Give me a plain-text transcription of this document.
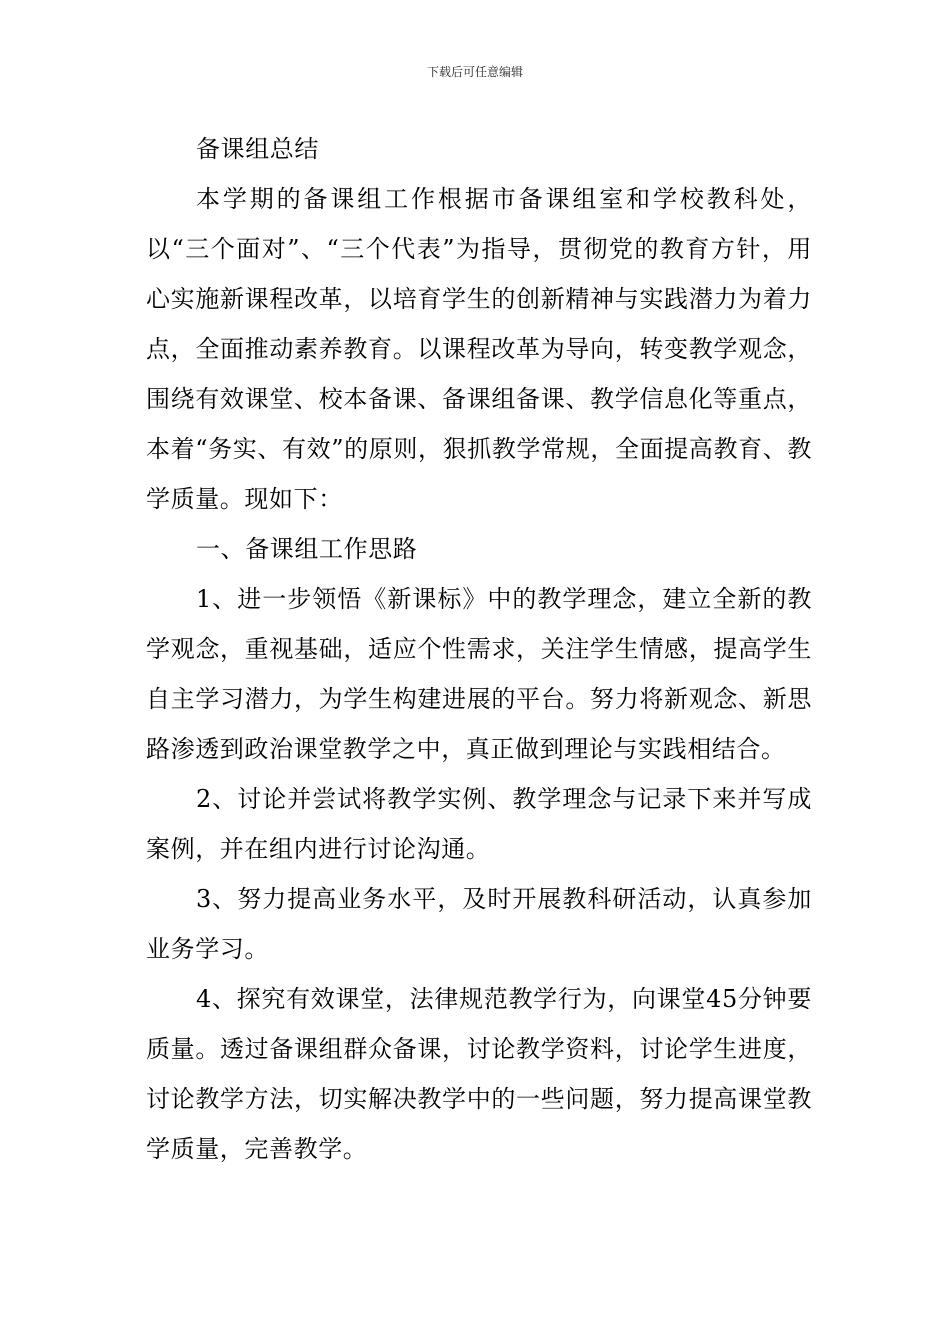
下载后可任意编辑

备课组总结

本学期的备课组工作根据市备课组室和学校教科处，以“三个面对”、“三个代表”为指导，贯彻党的教育方针，用心实施新课程改革，以培育学生的创新精神与实践潜力为着力点，全面推动素养教育。以课程改革为导向，转变教学观念，围绕有效课堂、校本备课、备课组备课、教学信息化等重点，本着“务实、有效”的原则，狠抓教学常规，全面提高教育、教学质量。现如下：

一、备课组工作思路

1、进一步领悟《新课标》中的教学理念，建立全新的教学观念，重视基础，适应个性需求，关注学生情感，提高学生自主学习潜力，为学生构建进展的平台。努力将新观念、新思路渗透到政治课堂教学之中，真正做到理论与实践相结合。

2、讨论并尝试将教学实例、教学理念与记录下来并写成案例，并在组内进行讨论沟通。

3、努力提高业务水平，及时开展教科研活动，认真参加业务学习。

4、探究有效课堂，法律规范教学行为，向课堂45分钟要质量。透过备课组群众备课，讨论教学资料，讨论学生进度，讨论教学方法，切实解决教学中的一些问题，努力提高课堂教学质量，完善教学。
